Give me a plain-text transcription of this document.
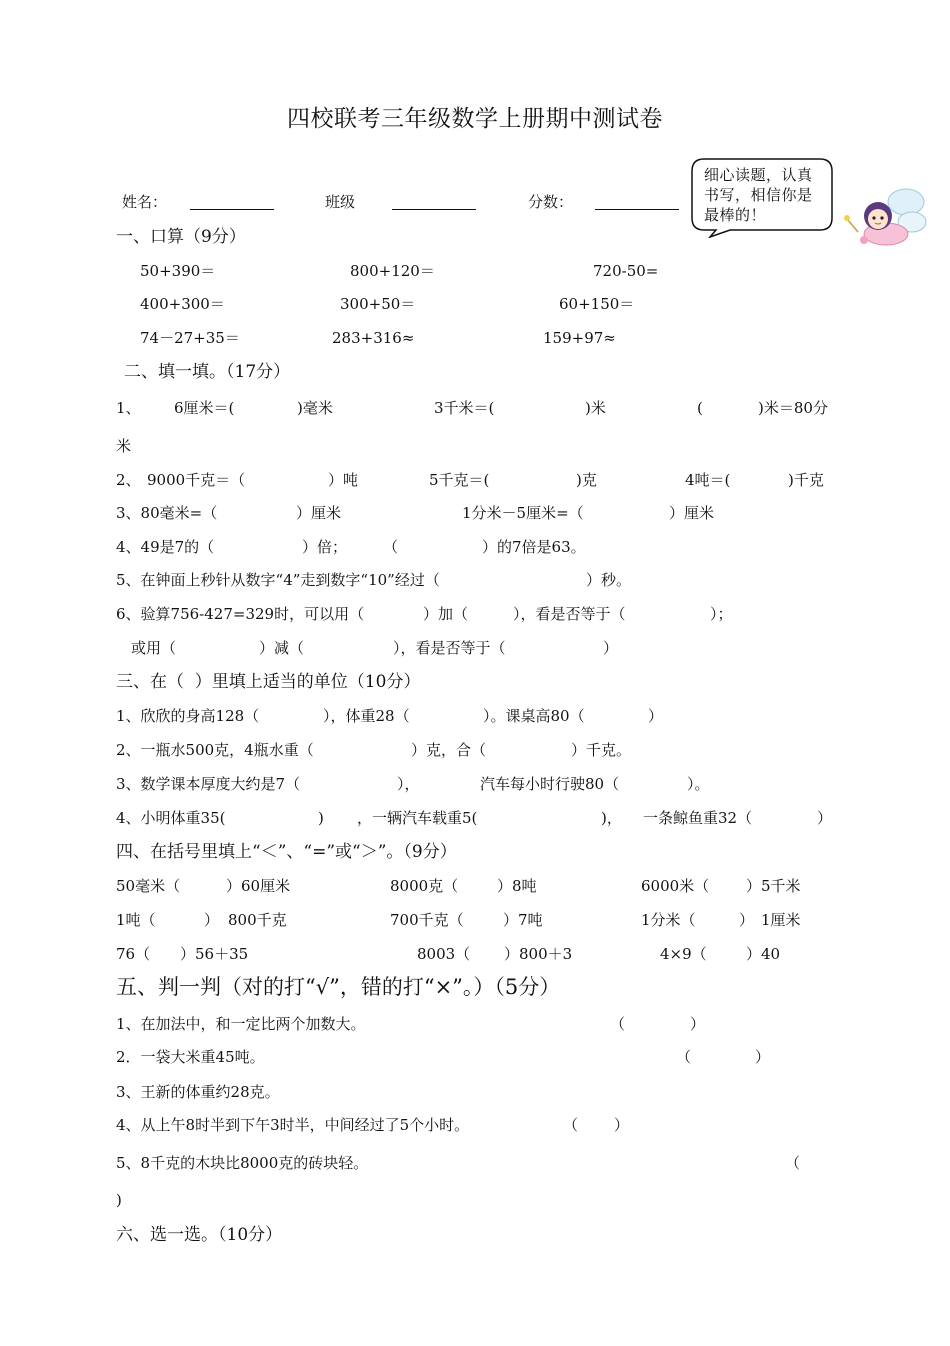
四校联考三年级数学上册期中测试卷
姓名：	班级	分数：
细心读题，认真书写，相信你是最棒的！
一、口算（9分）
50+390＝	800+120＝	720-50=
400+300＝	300+50＝	60+150＝
74－27+35＝	283+316≈	159+97≈
二、填一填。（17分）
1、 6厘米＝(	)毫米	3千米＝(	)米	(	)米＝80分
米
2、 9000千克＝（	）吨	5千克＝(	)克	4吨＝(	)千克
3、80毫米=（	）厘米	1分米－5厘米=（	）厘米
4、49是7的（	）倍； （	）的7倍是63。
5、在钟面上秒针从数字“4”走到数字“10”经过（	）秒。
6、验算756-427=329时，可以用（	）加（	），看是否等于（	）；
或用（	）减（	），看是否等于（	）
三、在（  ）里填上适当的单位（10分）
1、欣欣的身高128（	），体重28（	）。课桌高80（	）
2、一瓶水500克，4瓶水重（	）克，合（	）千克。
3、数学课本厚度大约是7（	），	汽车每小时行驶80（	）。
4、小明体重35(	) ，一辆汽车载重5(	)， 一条鲸鱼重32（	）
四、在括号里填上“＜”、“=”或“＞”。（9分）
50毫米（	）60厘米	8000克（	）8吨	6000米（ ）5千米
1吨（	） 800千克	700千克（	）7吨	1分米（	） 1厘米
76（ ）56＋35	8003（ ）800＋3	4×9（	）40
五、判一判（对的打“√”，错的打“×”。）（5分）
1、在加法中，和一定比两个加数大。	（	）
2．一袋大米重45吨。	（	）
3、王新的体重约28克。
4、从上午8时半到下午3时半，中间经过了5个小时。	（ ）
5、8千克的木块比8000克的砖块轻。	（
)
六、选一选。（10分）
